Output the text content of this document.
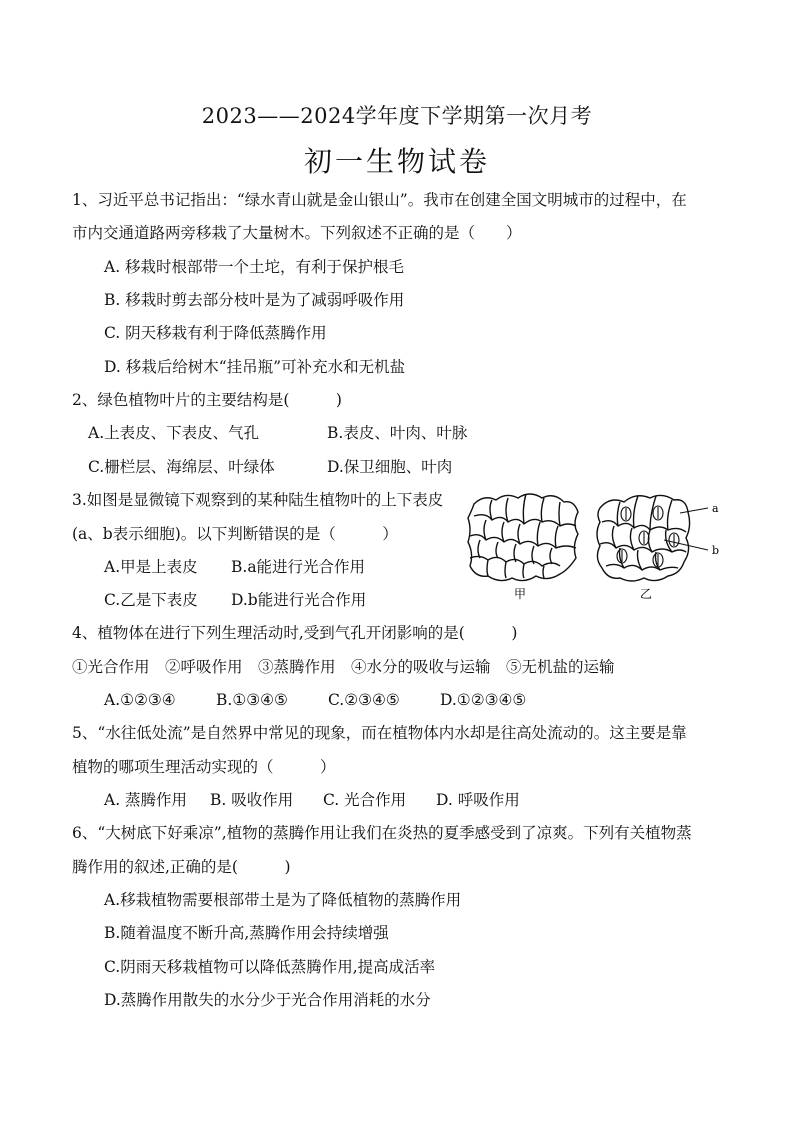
2023——2024学年度下学期第一次月考
初一生物试卷
1、习近平总书记指出：“绿水青山就是金山银山”。我市在创建全国文明城市的过程中，在
市内交通道路两旁移栽了大量树木。下列叙述不正确的是（　　）
A. 移栽时根部带一个土坨，有利于保护根毛
B. 移栽时剪去部分枝叶是为了减弱呼吸作用
C. 阴天移栽有利于降低蒸腾作用
D. 移栽后给树木“挂吊瓶”可补充水和无机盐
2、绿色植物叶片的主要结构是(　　　)
A.上表皮、下表皮、气孔	B.表皮、叶肉、叶脉
C.栅栏层、海绵层、叶绿体	D.保卫细胞、叶肉
3.如图是显微镜下观察到的某种陆生植物叶的上下表皮
(a、b表示细胞)。以下判断错误的是（　　　）
A.甲是上表皮 B.a能进行光合作用
C.乙是下表皮 D.b能进行光合作用	甲
a
b
乙
4、植物体在进行下列生理活动时,受到气孔开闭影响的是(　　　)
①光合作用　②呼吸作用　③蒸腾作用　④水分的吸收与运输　⑤无机盐的运输
A.①②③④	B.①③④⑤	C.②③④⑤	D.①②③④⑤
5、“水往低处流”是自然界中常见的现象，而在植物体内水却是往高处流动的。这主要是靠
植物的哪项生理活动实现的（　　　）
A. 蒸腾作用 B. 吸收作用 C. 光合作用 D. 呼吸作用
6、“大树底下好乘凉”,植物的蒸腾作用让我们在炎热的夏季感受到了凉爽。下列有关植物蒸
腾作用的叙述,正确的是(　　　)
A.移栽植物需要根部带土是为了降低植物的蒸腾作用
B.随着温度不断升高,蒸腾作用会持续增强
C.阴雨天移栽植物可以降低蒸腾作用,提高成活率
D.蒸腾作用散失的水分少于光合作用消耗的水分
